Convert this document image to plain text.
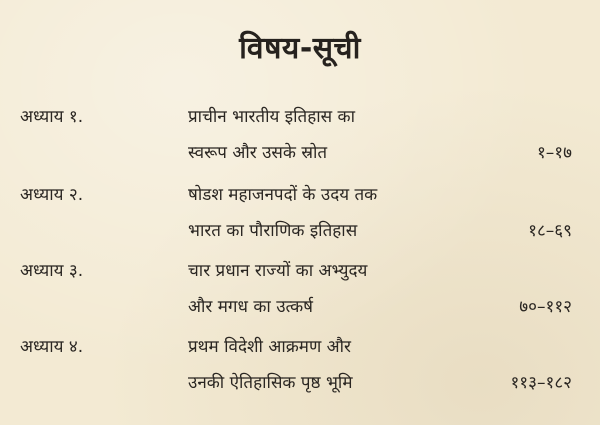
विषय-सूची
अध्याय १.	प्राचीन भारतीय इतिहास का
स्वरूप और उसके स्रोत	१–१७
अध्याय २.	षोडश महाजनपदों के उदय तक
भारत का पौराणिक इतिहास	१८–६९
अध्याय ३.	चार प्रधान राज्यों का अभ्युदय
और मगध का उत्कर्ष	७०–११२
अध्याय ४.	प्रथम विदेशी आक्रमण और
उनकी ऐतिहासिक पृष्ठ भूमि	११३–१८२
